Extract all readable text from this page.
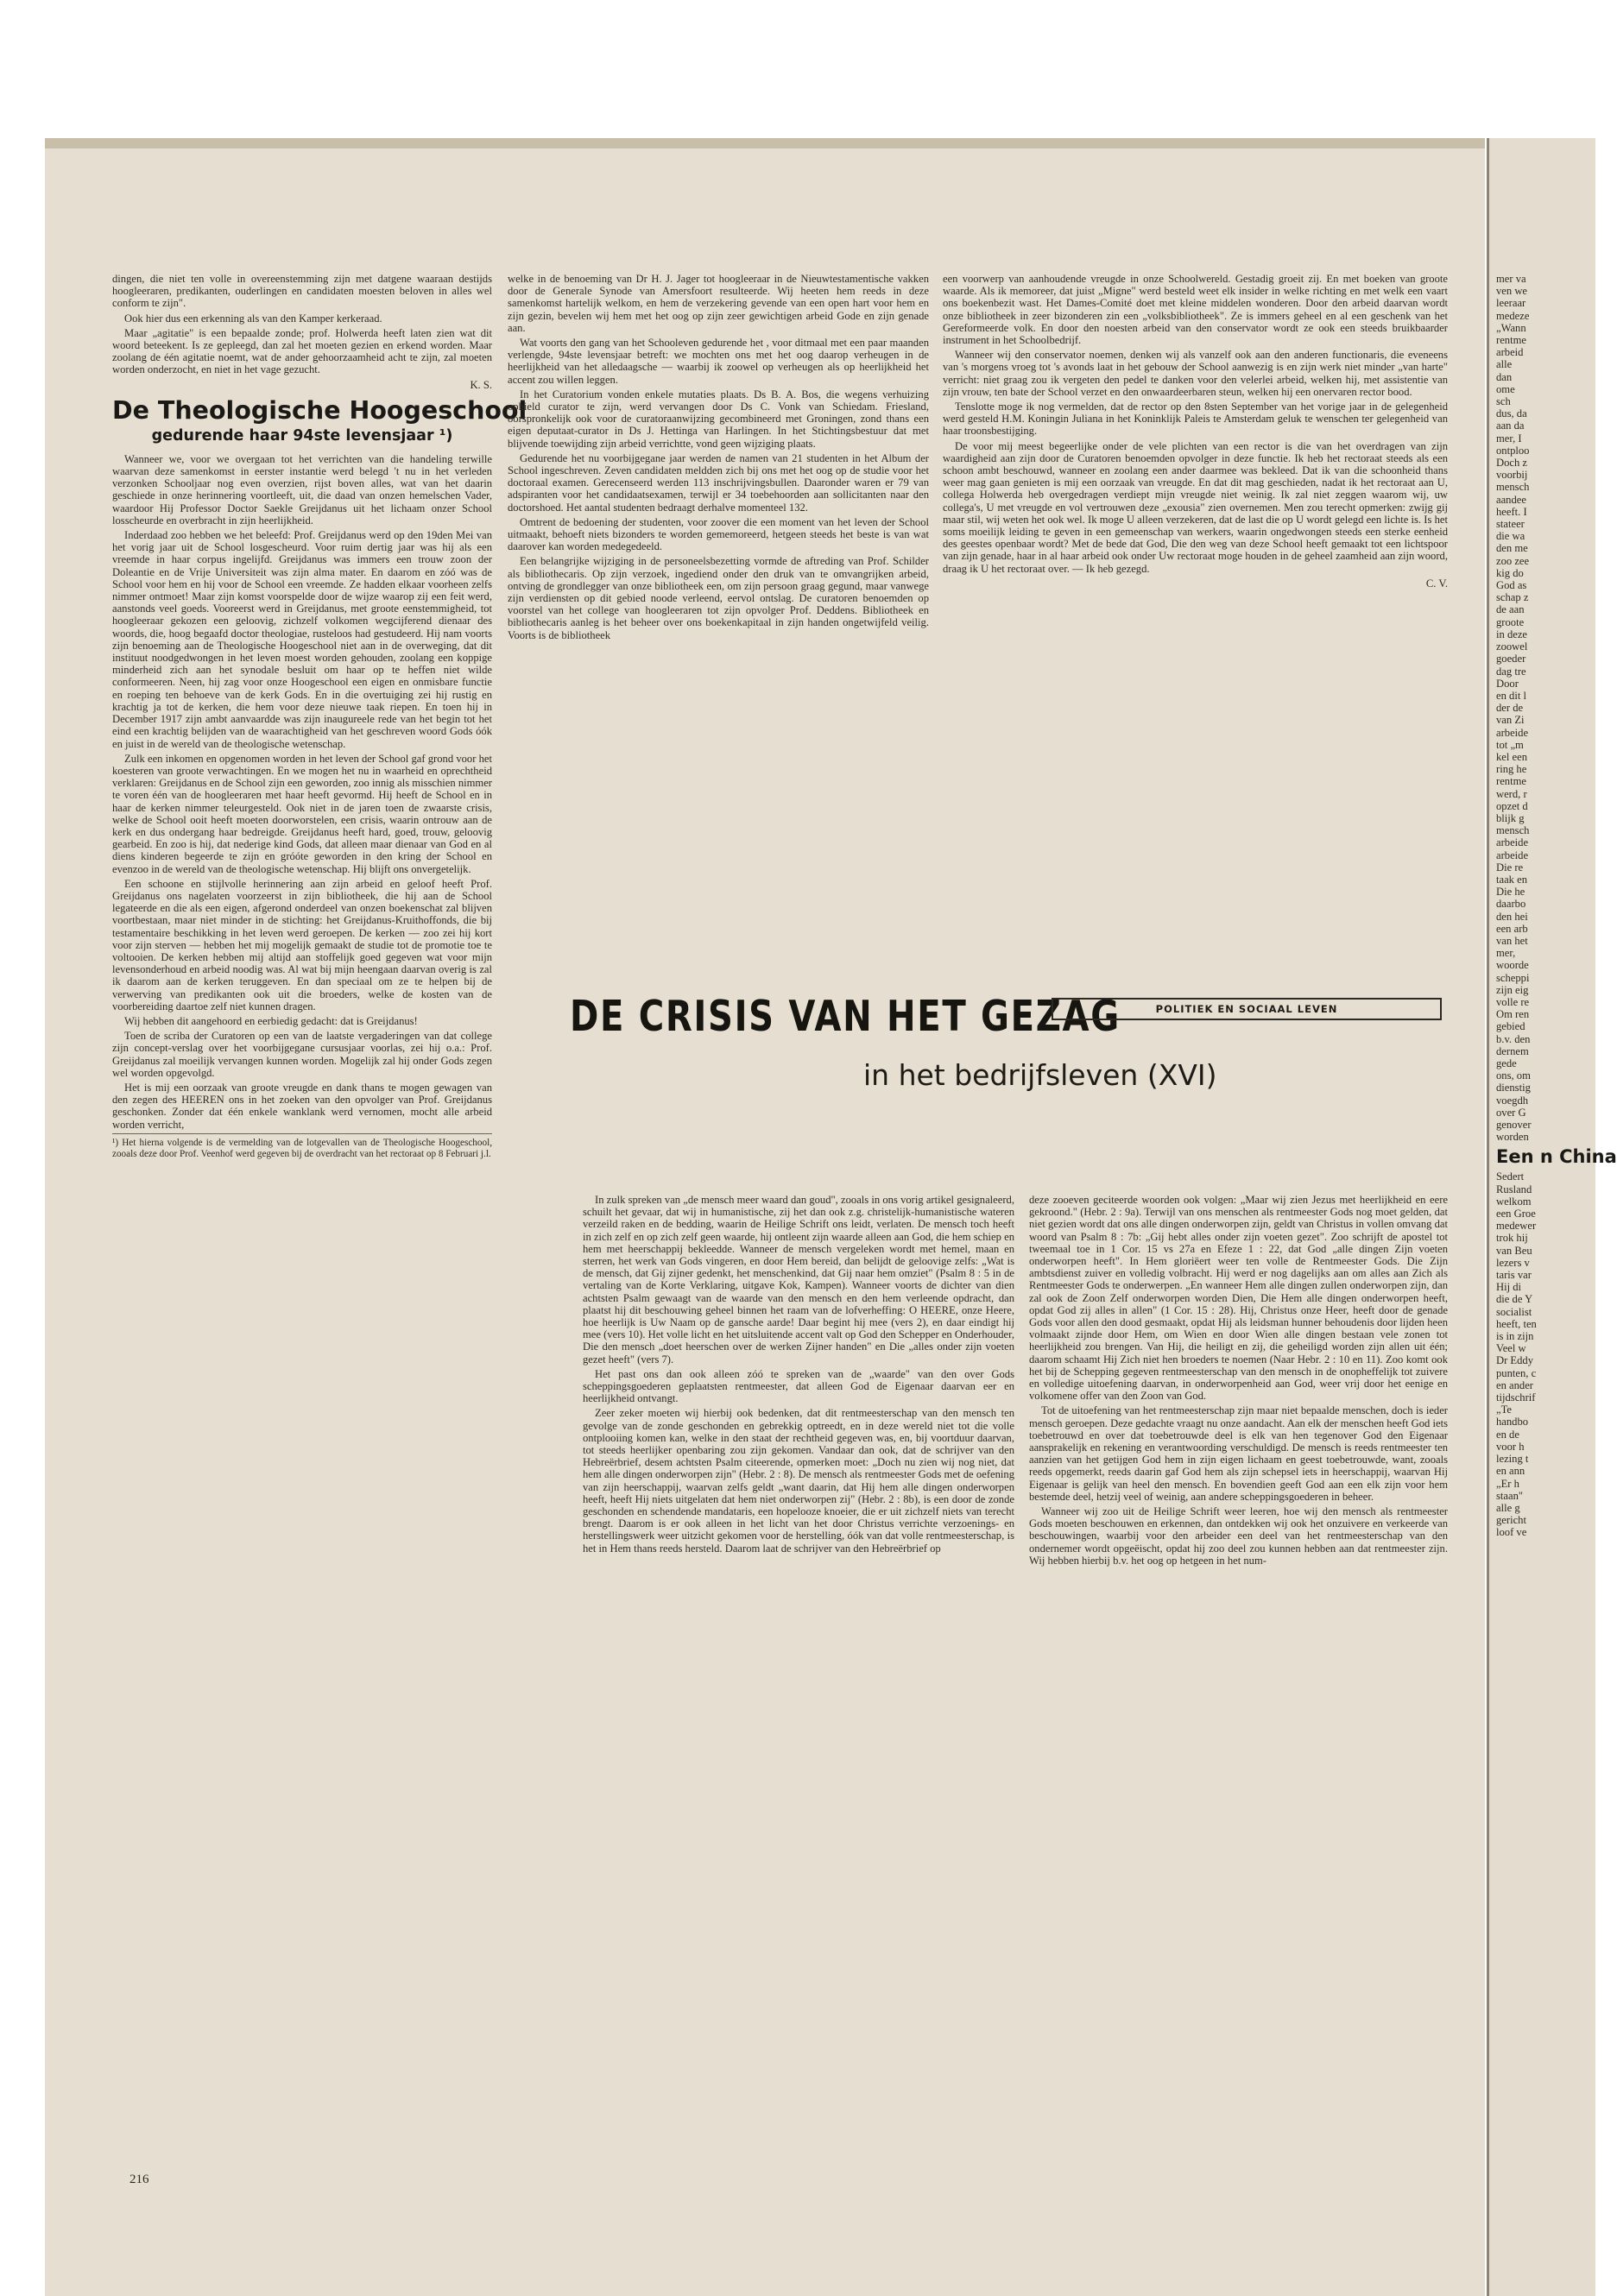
dingen, die niet ten volle in overeenstemming zijn met datgene waaraan destijds hoogleeraren, predikanten, ouderlingen en candidaten moesten beloven in alles wel conform te zijn".

Ook hier dus een erkenning als van den Kamper kerkeraad.

Maar „agitatie" is een bepaalde zonde; prof. Holwerda heeft laten zien wat dit woord beteekent. Is ze gepleegd, dan zal het moeten gezien en erkend worden. Maar zoolang de één agitatie noemt, wat de ander gehoorzaamheid acht te zijn, zal moeten worden onderzocht, en niet in het vage gezucht.

K. S.

De Theologische Hoogeschool
gedurende haar 94ste levensjaar ¹)

Wanneer we, voor we overgaan tot het verrichten van die handeling terwille waarvan deze samenkomst in eerster instantie werd belegd 't nu in het verleden verzonken Schooljaar nog even overzien, rijst boven alles, wat van het daarin geschiede in onze herinnering voortleeft, uit, die daad van onzen hemelschen Vader, waardoor Hij Professor Doctor Saekle Greijdanus uit het lichaam onzer School losscheurde en overbracht in zijn heerlijkheid.

Inderdaad zoo hebben we het beleefd: Prof. Greijdanus werd op den 19den Mei van het vorig jaar uit de School losgescheurd. Voor ruim dertig jaar was hij als een vreemde in haar corpus ingelijfd. Greijdanus was immers een trouw zoon der Doleantie en de Vrije Universiteit was zijn alma mater. En daarom en zóó was de School voor hem en hij voor de School een vreemde. Ze hadden elkaar voorheen zelfs nimmer ontmoet! Maar zijn komst voorspelde door de wijze waarop zij een feit werd, aanstonds veel goeds. Vooreerst werd in Greijdanus, met groote eenstemmigheid, tot hoogleeraar gekozen een geloovig, zichzelf volkomen wegcijferend dienaar des woords, die, hoog begaafd doctor theologiae, rusteloos had gestudeerd. Hij nam voorts zijn benoeming aan de Theologische Hoogeschool niet aan in de overweging, dat dit instituut noodgedwongen in het leven moest worden gehouden, zoolang een koppige minderheid zich aan het synodale besluit om haar op te heffen niet wilde conformeeren. Neen, hij zag voor onze Hoogeschool een eigen en onmisbare functie en roeping ten behoeve van de kerk Gods. En in die overtuiging zei hij rustig en krachtig ja tot de kerken, die hem voor deze nieuwe taak riepen. En toen hij in December 1917 zijn ambt aanvaardde was zijn inaugureele rede van het begin tot het eind een krachtig belijden van de waarachtigheid van het geschreven woord Gods óók en juist in de wereld van de theologische wetenschap.

Zulk een inkomen en opgenomen worden in het leven der School gaf grond voor het koesteren van groote verwachtingen. En we mogen het nu in waarheid en oprechtheid verklaren: Greijdanus en de School zijn een geworden, zoo innig als misschien nimmer te voren één van de hoogleeraren met haar heeft gevormd. Hij heeft de School en in haar de kerken nimmer teleurgesteld. Ook niet in de jaren toen de zwaarste crisis, welke de School ooit heeft moeten doorworstelen, een crisis, waarin ontrouw aan de kerk en dus ondergang haar bedreigde. Greijdanus heeft hard, goed, trouw, geloovig gearbeid. En zoo is hij, dat nederige kind Gods, dat alleen maar dienaar van God en al diens kinderen begeerde te zijn en gróóte geworden in den kring der School en evenzoo in de wereld van de theologische wetenschap. Hij blijft ons onvergetelijk.

Een schoone en stijlvolle herinnering aan zijn arbeid en geloof heeft Prof. Greijdanus ons nagelaten voorzeerst in zijn bibliotheek, die hij aan de School legateerde en die als een eigen, afgerond onderdeel van onzen boekenschat zal blijven voortbestaan, maar niet minder in de stichting: het Greijdanus-Kruithoffonds, die bij testamentaire beschikking in het leven werd geroepen. De kerken — zoo zei hij kort voor zijn sterven — hebben het mij mogelijk gemaakt de studie tot de promotie toe te voltooien. De kerken hebben mij altijd aan stoffelijk goed gegeven wat voor mijn levensonderhoud en arbeid noodig was. Al wat bij mijn heengaan daarvan overig is zal ik daarom aan de kerken teruggeven. En dan speciaal om ze te helpen bij de verwerving van predikanten ook uit die broeders, welke de kosten van de voorbereiding daartoe zelf niet kunnen dragen.

Wij hebben dit aangehoord en eerbiedig gedacht: dat is Greijdanus!

Toen de scriba der Curatoren op een van de laatste vergaderingen van dat college zijn concept-verslag over het voorbijgegane cursusjaar voorlas, zei hij o.a.: Prof. Greijdanus zal moeilijk vervangen kunnen worden. Mogelijk zal hij onder Gods zegen wel worden opgevolgd.

Het is mij een oorzaak van groote vreugde en dank thans te mogen gewagen van den zegen des HEEREN ons in het zoeken van den opvolger van Prof. Greijdanus geschonken. Zonder dat één enkele wanklank werd vernomen, mocht alle arbeid worden verricht,

¹) Het hierna volgende is de vermelding van de lotgevallen van de Theologische Hoogeschool, zooals deze door Prof. Veenhof werd gegeven bij de overdracht van het rectoraat op 8 Februari j.l.

welke in de benoeming van Dr H. J. Jager tot hoogleeraar in de Nieuwtestamentische vakken door de Generale Synode van Amersfoort resulteerde. Wij heeten hem reeds in deze samenkomst hartelijk welkom, en hem de verzekering gevende van een open hart voor hem en zijn gezin, bevelen wij hem met het oog op zijn zeer gewichtigen arbeid Gode en zijn genade aan.

Wat voorts den gang van het Schooleven gedurende het , voor ditmaal met een paar maanden verlengde, 94ste levensjaar betreft: we mochten ons met het oog daarop verheugen in de heerlijkheid van het alledaagsche — waarbij ik zoowel op verheugen als op heerlijkheid het accent zou willen leggen.

In het Curatorium vonden enkele mutaties plaats. Ds B. A. Bos, die wegens verhuizing ophield curator te zijn, werd vervangen door Ds C. Vonk van Schiedam. Friesland, oorspronkelijk ook voor de curatoraanwijzing gecombineerd met Groningen, zond thans een eigen deputaat-curator in Ds J. Hettinga van Harlingen. In het Stichtingsbestuur dat met blijvende toewijding zijn arbeid verrichtte, vond geen wijziging plaats.

Gedurende het nu voorbijgegane jaar werden de namen van 21 studenten in het Album der School ingeschreven. Zeven candidaten meldden zich bij ons met het oog op de studie voor het doctoraal examen. Gerecenseerd werden 113 inschrijvingsbullen. Daaronder waren er 79 van adspiranten voor het candidaatsexamen, terwijl er 34 toebehoorden aan sollicitanten naar den doctorshoed. Het aantal studenten bedraagt derhalve momenteel 132.

Omtrent de bedoening der studenten, voor zoover die een moment van het leven der School uitmaakt, behoeft niets bizonders te worden gememoreerd, hetgeen steeds het beste is van wat daarover kan worden medegedeeld.

Een belangrijke wijziging in de personeelsbezetting vormde de aftreding van Prof. Schilder als bibliothecaris. Op zijn verzoek, ingediend onder den druk van te omvangrijken arbeid, ontving de grondlegger van onze bibliotheek een, om zijn persoon graag gegund, maar vanwege zijn verdiensten op dit gebied noode verleend, eervol ontslag. De curatoren benoemden op voorstel van het college van hoogleeraren tot zijn opvolger Prof. Deddens. Bibliotheek en bibliothecaris aanleg is het beheer over ons boekenkapitaal in zijn handen ongetwijfeld veilig. Voorts is de bibliotheek

een voorwerp van aanhoudende vreugde in onze Schoolwereld. Gestadig groeit zij. En met boeken van groote waarde. Als ik memoreer, dat juist „Migne" werd besteld weet elk insider in welke richting en met welk een vaart ons boekenbezit wast. Het Dames-Comité doet met kleine middelen wonderen. Door den arbeid daarvan wordt onze bibliotheek in zeer bizonderen zin een „volksbibliotheek". Ze is immers geheel en al een geschenk van het Gereformeerde volk. En door den noesten arbeid van den conservator wordt ze ook een steeds bruikbaarder instrument in het Schoolbedrijf.

Wanneer wij den conservator noemen, denken wij als vanzelf ook aan den anderen functionaris, die eveneens van 's morgens vroeg tot 's avonds laat in het gebouw der School aanwezig is en zijn werk niet minder „van harte" verricht: niet graag zou ik vergeten den pedel te danken voor den velerlei arbeid, welken hij, met assistentie van zijn vrouw, ten bate der School verzet en den onwaardeerbaren steun, welken hij een onervaren rector bood.

Tenslotte moge ik nog vermelden, dat de rector op den 8sten September van het vorige jaar in de gelegenheid werd gesteld H.M. Koningin Juliana in het Koninklijk Paleis te Amsterdam geluk te wenschen ter gelegenheid van haar troonsbestijging.

De voor mij meest begeerlijke onder de vele plichten van een rector is die van het overdragen van zijn waardigheid aan zijn door de Curatoren benoemden opvolger in deze functie. Ik heb het rectoraat steeds als een schoon ambt beschouwd, wanneer en zoolang een ander daarmee was bekleed. Dat ik van die schoonheid thans weer mag gaan genieten is mij een oorzaak van vreugde. En dat dit mag geschieden, nadat ik het rectoraat aan U, collega Holwerda heb overgedragen verdiept mijn vreugde niet weinig. Ik zal niet zeggen waarom wij, uw collega's, U met vreugde en vol vertrouwen deze „exousia" zien overnemen. Men zou terecht opmerken: zwijg gij maar stil, wij weten het ook wel. Ik moge U alleen verzekeren, dat de last die op U wordt gelegd een lichte is. Is het soms moeilijk leiding te geven in een gemeenschap van werkers, waarin ongedwongen steeds een sterke eenheid des geestes openbaar wordt? Met de bede dat God, Die den weg van deze School heeft gemaakt tot een lichtspoor van zijn genade, haar in al haar arbeid ook onder Uw rectoraat moge houden in de geheel zaamheid aan zijn woord, draag ik U het rectoraat over. — Ik heb gezegd.

C. V.

DE CRISIS VAN HET GEZAG
in het bedrijfsleven (XVI)
POLITIEK EN SOCIAAL LEVEN

In zulk spreken van „de mensch meer waard dan goud", zooals in ons vorig artikel gesignaleerd, schuilt het gevaar, dat wij in humanistische, zij het dan ook z.g. christelijk-humanistische wateren verzeild raken en de bedding, waarin de Heilige Schrift ons leidt, verlaten. De mensch toch heeft in zich zelf en op zich zelf geen waarde, hij ontleent zijn waarde alleen aan God, die hem schiep en hem met heerschappij bekleedde. Wanneer de mensch vergeleken wordt met hemel, maan en sterren, het werk van Gods vingeren, en door Hem bereid, dan belijdt de geloovige zelfs: „Wat is de mensch, dat Gij zijner gedenkt, het menschenkind, dat Gij naar hem omziet" (Psalm 8 : 5 in de vertaling van de Korte Verklaring, uitgave Kok, Kampen). Wanneer voorts de dichter van dien achtsten Psalm gewaagt van de waarde van den mensch en den hem verleende opdracht, dan plaatst hij dit beschouwing geheel binnen het raam van de lofverheffing: O HEERE, onze Heere, hoe heerlijk is Uw Naam op de gansche aarde! Daar begint hij mee (vers 2), en daar eindigt hij mee (vers 10). Het volle licht en het uitsluitende accent valt op God den Schepper en Onderhouder, Die den mensch „doet heerschen over de werken Zijner handen" en Die „alles onder zijn voeten gezet heeft" (vers 7).

Het past ons dan ook alleen zóó te spreken van de „waarde" van den over Gods scheppingsgoederen geplaatsten rentmeester, dat alleen God de Eigenaar daarvan eer en heerlijkheid ontvangt.

Zeer zeker moeten wij hierbij ook bedenken, dat dit rentmeesterschap van den mensch ten gevolge van de zonde geschonden en gebrekkig optreedt, en in deze wereld niet tot die volle ontplooiing komen kan, welke in den staat der rechtheid gegeven was, en, bij voortduur daarvan, tot steeds heerlijker openbaring zou zijn gekomen. Vandaar dan ook, dat de schrijver van den Hebreërbrief, desem achtsten Psalm citeerende, opmerken moet: „Doch nu zien wij nog niet, dat hem alle dingen onderworpen zijn" (Hebr. 2 : 8). De mensch als rentmeester Gods met de oefening van zijn heerschappij, waarvan zelfs geldt „want daarin, dat Hij hem alle dingen onderworpen heeft, heeft Hij niets uitgelaten dat hem niet onderworpen zij" (Hebr. 2 : 8b), is een door de zonde geschonden en schendende mandataris, een hopelooze knoeier, die er uit zichzelf niets van terecht brengt. Daarom is er ook alleen in het licht van het door Christus verrichte verzoenings- en herstellingswerk weer uitzicht gekomen voor de herstelling, óók van dat volle rentmeesterschap, is het in Hem thans reeds hersteld. Daarom laat de schrijver van den Hebreërbrief op

deze zooeven geciteerde woorden ook volgen: „Maar wij zien Jezus met heerlijkheid en eere gekroond." (Hebr. 2 : 9a). Terwijl van ons menschen als rentmeester Gods nog moet gelden, dat niet gezien wordt dat ons alle dingen onderworpen zijn, geldt van Christus in vollen omvang dat woord van Psalm 8 : 7b: „Gij hebt alles onder zijn voeten gezet". Zoo schrijft de apostel tot tweemaal toe in 1 Cor. 15 vs 27a en Efeze 1 : 22, dat God „alle dingen Zijn voeten onderworpen heeft". In Hem gloriëert weer ten volle de Rentmeester Gods. Die Zijn ambtsdienst zuiver en volledig volbracht. Hij werd er nog dagelijks aan om alles aan Zich als Rentmeester Gods te onderwerpen. „En wanneer Hem alle dingen zullen onderworpen zijn, dan zal ook de Zoon Zelf onderworpen worden Dien, Die Hem alle dingen onderworpen heeft, opdat God zij alles in allen" (1 Cor. 15 : 28). Hij, Christus onze Heer, heeft door de genade Gods voor allen den dood gesmaakt, opdat Hij als leidsman hunner behoudenis door lijden heen volmaakt zijnde door Hem, om Wien en door Wien alle dingen bestaan vele zonen tot heerlijkheid zou brengen. Van Hij, die heiligt en zij, die geheiligd worden zijn allen uit één; daarom schaamt Hij Zich niet hen broeders te noemen (Naar Hebr. 2 : 10 en 11). Zoo komt ook het bij de Schepping gegeven rentmeesterschap van den mensch in de onopheffelijk tot zuivere en volledige uitoefening daarvan, in onderworpenheid aan God, weer vrij door het eenige en volkomene offer van den Zoon van God.

Tot de uitoefening van het rentmeesterschap zijn maar niet bepaalde menschen, doch is ieder mensch geroepen. Deze gedachte vraagt nu onze aandacht. Aan elk der menschen heeft God iets toebetrouwd en over dat toebetrouwde deel is elk van hen tegenover God den Eigenaar aansprakelijk en rekening en verantwoording verschuldigd. De mensch is reeds rentmeester ten aanzien van het getijgen God hem in zijn eigen lichaam en geest toebetrouwde, want, zooals reeds opgemerkt, reeds daarin gaf God hem als zijn schepsel iets in heerschappij, waarvan Hij Eigenaar is gelijk van heel den mensch. En bovendien geeft God aan een elk zijn voor hem bestemde deel, hetzij veel of weinig, aan andere scheppingsgoederen in beheer.

Wanneer wij zoo uit de Heilige Schrift weer leeren, hoe wij den mensch als rentmeester Gods moeten beschouwen en erkennen, dan ontdekken wij ook het onzuivere en verkeerde van beschouwingen, waarbij voor den arbeider een deel van het rentmeesterschap van den ondernemer wordt opgeëischt, opdat hij zoo deel zou kunnen hebben aan dat rentmeester zijn. Wij hebben hierbij b.v. het oog op hetgeen in het num-

216
mer va
ven we
leeraar
medeze
„Wann
rentme
arbeid
alle
dan
ome
sch
dus, da
aan da
mer, I
ontploo
Doch z
voorbij
mensch
aandee
heeft. I
stateer
die wa
den me
zoo zee
kig do
God as
schap z
de aan
groote
in deze
zoowel
goeder
dag tre
Door
en dit l
der de
van Zi
arbeide
tot „m
kel een
ring he
rentme
werd, r
opzet d
blijk g
mensch
arbeide
arbeide
Die re
taak en
Die he
daarbo
den hei
een arb
van het
mer,
woorde
scheppi
zijn eig
volle re
Om ren
gebied
b.v. den
dernem
gede
ons, om
dienstig
voegdh
over G
genover
worden
Een n China
Sedert
Rusland
welkom
een Groe
medewer
trok hij
van Beu
lezers v
taris var
Hij di
die de Y
socialist
heeft, ten
is in zijn
Veel w
Dr Eddy
punten, c
en ander
tijdschrif
„Te
handbo
en de
voor h
lezing t
en ann
„Er h
staan"
alle g
gericht
loof ve
